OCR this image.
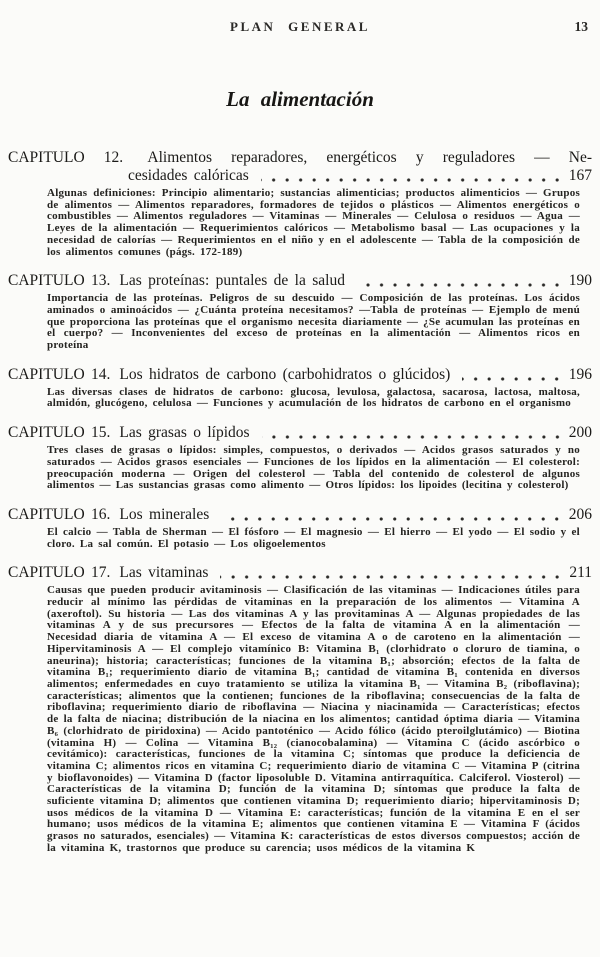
PLAN GENERAL	13
La alimentación
CAPITULO 12. Alimentos reparadores, energéticos y reguladores — Ne-
cesidades calóricas	167

Algunas definiciones: Principio alimentario; sustancias alimenticias; productos alimenticios — Grupos de alimentos — Alimentos reparadores, formadores de tejidos o plásticos — Alimentos energéticos o combustibles — Alimentos reguladores — Vitaminas — Minerales — Celulosa o residuos — Agua — Leyes de la alimentación — Requerimientos calóricos — Metabolismo basal — Las ocupaciones y la necesidad de calorías — Requerimientos en el niño y en el adolescente — Tabla de la composición de los alimentos comunes (págs. 172-189)

CAPITULO 13. Las proteínas: puntales de la salud	190

Importancia de las proteínas. Peligros de su descuido — Composición de las proteínas. Los ácidos aminados o aminoácidos — ¿Cuánta proteína necesitamos? —Tabla de proteínas — Ejemplo de menú que proporciona las proteínas que el organismo necesita diariamente — ¿Se acumulan las proteínas en el cuerpo? — Inconvenientes del exceso de proteínas en la alimentación — Alimentos ricos en proteína

CAPITULO 14. Los hidratos de carbono (carbohidratos o glúcidos)	196

Las diversas clases de hidratos de carbono: glucosa, levulosa, galactosa, sacarosa, lactosa, maltosa, almidón, glucógeno, celulosa — Funciones y acumulación de los hidratos de carbono en el organismo

CAPITULO 15. Las grasas o lípidos	200

Tres clases de grasas o lípidos: simples, compuestos, o derivados — Acidos grasos saturados y no saturados — Acidos grasos esenciales — Funciones de los lípidos en la alimentación — El colesterol: preocupación moderna — Origen del colesterol — Tabla del contenido de colesterol de algunos alimentos — Las sustancias grasas como alimento — Otros lípidos: los lipoides (lecitina y colesterol)

CAPITULO 16. Los minerales	206

El calcio — Tabla de Sherman — El fósforo — El magnesio — El hierro — El yodo — El sodio y el cloro. La sal común. El potasio — Los oligoelementos

CAPITULO 17. Las vitaminas	211

Causas que pueden producir avitaminosis — Clasificación de las vitaminas — Indicaciones útiles para reducir al mínimo las pérdidas de vitaminas en la preparación de los alimentos — Vitamina A (axeroftol). Su historia — Las dos vitaminas A y las provitaminas A — Algunas propiedades de las vitaminas A y de sus precursores — Efectos de la falta de vitamina A en la alimentación — Necesidad diaria de vitamina A — El exceso de vitamina A o de caroteno en la alimentación — Hipervitaminosis A — El complejo vitamínico B: Vitamina B₁ (clorhidrato o cloruro de tiamina, o aneurina); historia; características; funciones de la vitamina B₁; absorción; efectos de la falta de vitamina B₁; requerimiento diario de vitamina B₁; cantidad de vitamina B₁ contenida en diversos alimentos; enfermedades en cuyo tratamiento se utiliza la vitamina B₁ — Vitamina B₂ (riboflavina); características; alimentos que la contienen; funciones de la riboflavina; consecuencias de la falta de riboflavina; requerimiento diario de riboflavina — Niacina y niacinamida — Características; efectos de la falta de niacina; distribución de la niacina en los alimentos; cantidad óptima diaria — Vitamina B₆ (clorhidrato de piridoxina) — Acido pantoténico — Acido fólico (ácido pteroilglutámico) — Biotina (vitamina H) — Colina — Vitamina B₁₂ (cianocobalamina) — Vitamina C (ácido ascórbico o cevitámico): características, funciones de la vitamina C; síntomas que produce la deficiencia de vitamina C; alimentos ricos en vitamina C; requerimiento diario de vitamina C — Vitamina P (citrina y bioflavonoides) — Vitamina D (factor liposoluble D. Vitamina antirraquítica. Calciferol. Viosterol) — Características de la vitamina D; función de la vitamina D; síntomas que produce la falta de suficiente vitamina D; alimentos que contienen vitamina D; requerimiento diario; hipervitaminosis D; usos médicos de la vitamina D — Vitamina E: características; función de la vitamina E en el ser humano; usos médicos de la vitamina E; alimentos que contienen vitamina E — Vitamina F (ácidos grasos no saturados, esenciales) — Vitamina K: características de estos diversos compuestos; acción de la vitamina K, trastornos que produce su carencia; usos médicos de la vitamina K
